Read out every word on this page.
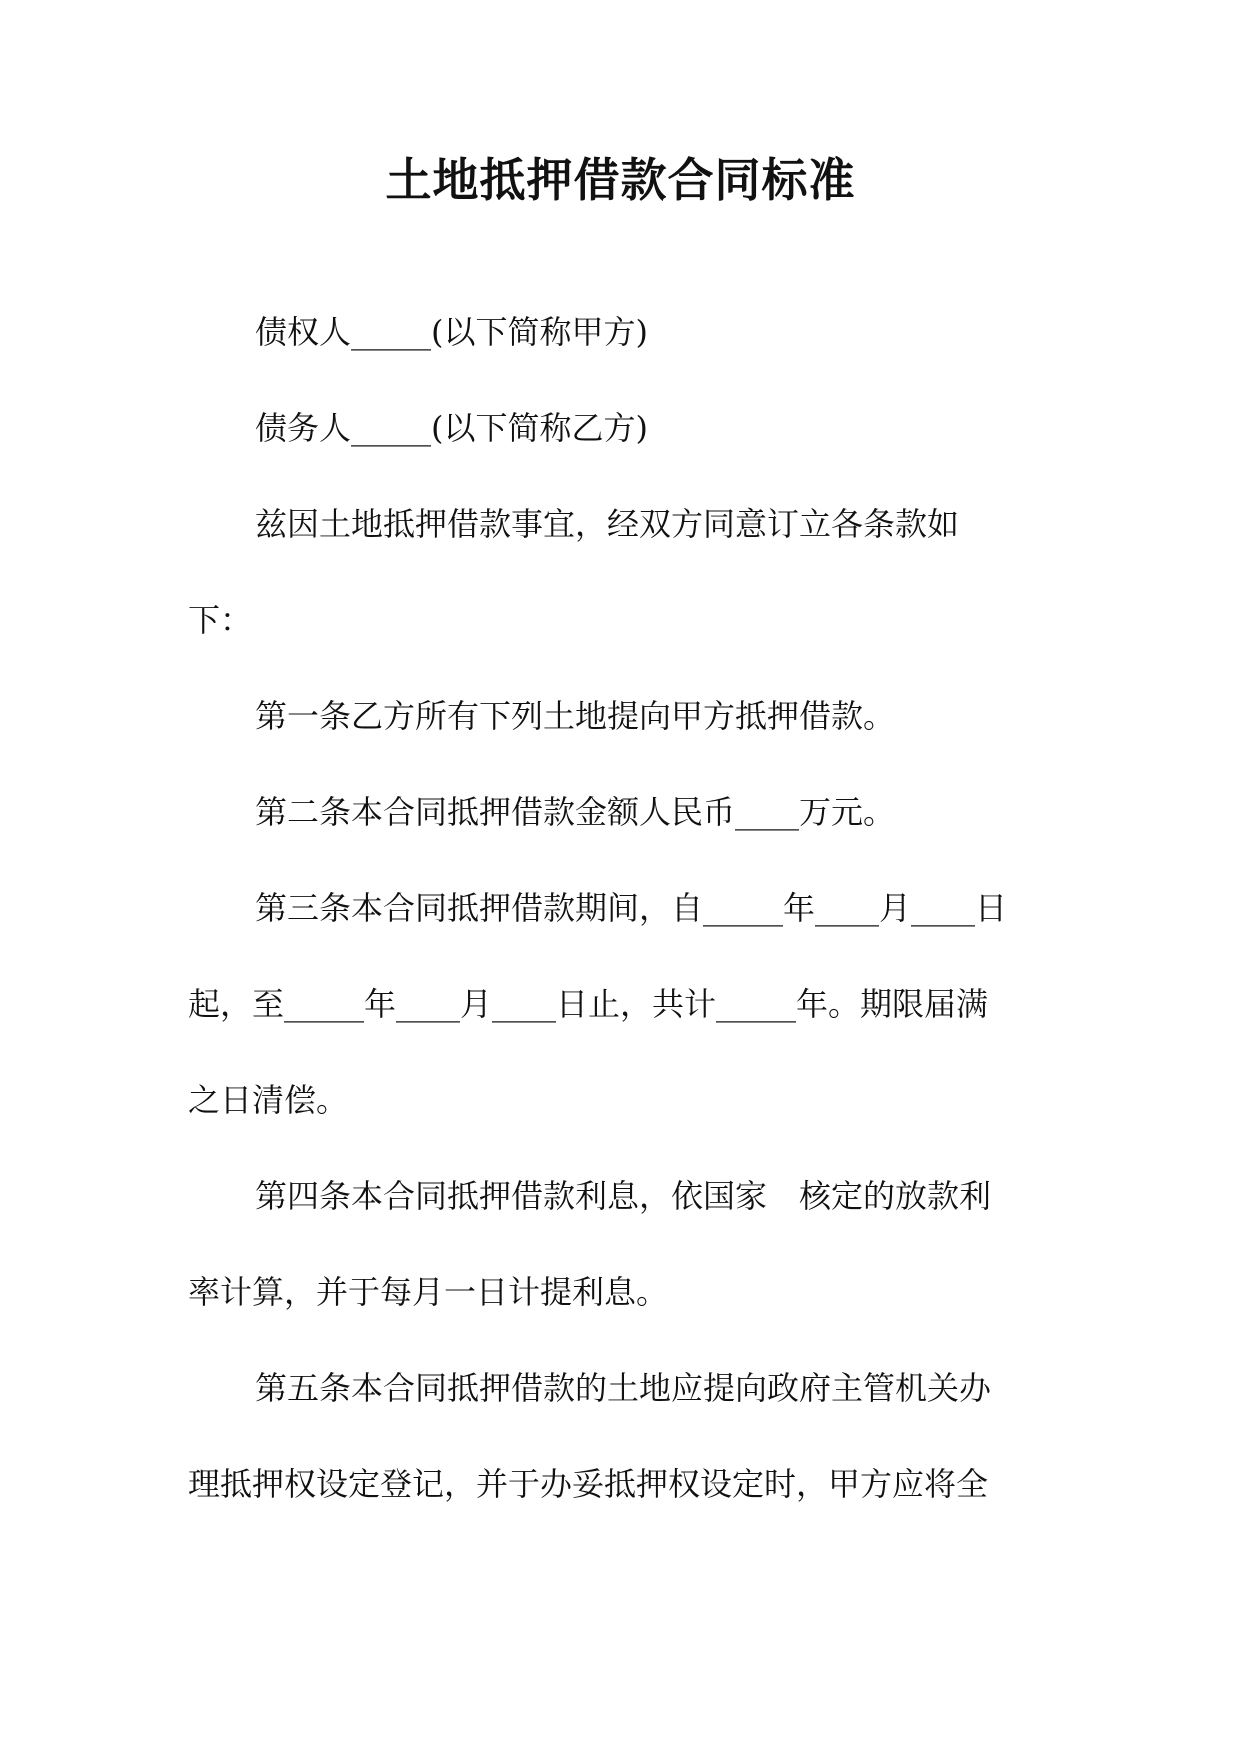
土地抵押借款合同标准
债权人_____(以下简称甲方)
债务人_____(以下简称乙方)
兹因土地抵押借款事宜，经双方同意订立各条款如
下：
第一条乙方所有下列土地提向甲方抵押借款。
第二条本合同抵押借款金额人民币____万元。
第三条本合同抵押借款期间，自_____年____月____日
起，至_____年____月____日止，共计_____年。期限届满
之日清偿。
第四条本合同抵押借款利息，依国家　核定的放款利
率计算，并于每月一日计提利息。
第五条本合同抵押借款的土地应提向政府主管机关办
理抵押权设定登记，并于办妥抵押权设定时，甲方应将全
